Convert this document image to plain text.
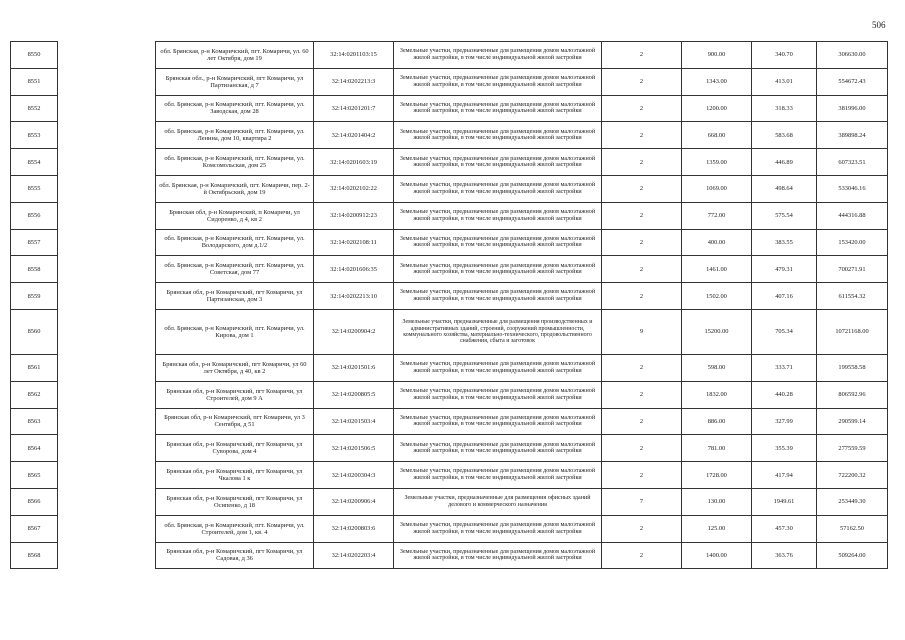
506
8550		обл. Брянская, р-н Комаричский, пгт. Комаричи, ул. 60 лет Октября, дом 19	32:14:0201103:15	Земельные участки, предназначенные для размещения домов малоэтажной жилой застройки, в том числе индивидуальной жилой застройки	2	900.00	340.70	306630.00
8551		Брянская обл., р-н Комаричский, пгт Комаричи, ул Партизанская, д 7	32:14:0202213:3	Земельные участки, предназначенные для размещения домов малоэтажной жилой застройки, в том числе индивидуальной жилой застройки	2	1343.00	413.01	554672.43
8552		обл. Брянская, р-н Комаричский, пгт. Комаричи, ул. Заводская, дом 28	32:14:0201201:7	Земельные участки, предназначенные для размещения домов малоэтажной жилой застройки, в том числе индивидуальной жилой застройки	2	1200.00	318.33	381996.00
8553		обл. Брянская, р-н Комаричский, пгт. Комаричи, ул. Ленина, дом 10, квартира 2	32:14:0201404:2	Земельные участки, предназначенные для размещения домов малоэтажной жилой застройки, в том числе индивидуальной жилой застройки	2	668.00	583.68	389898.24
8554		обл. Брянская, р-н Комаричский, пгт. Комаричи, ул. Комсомольская, дом 25	32:14:0201603:19	Земельные участки, предназначенные для размещения домов малоэтажной жилой застройки, в том числе индивидуальной жилой застройки	2	1359.00	446.89	607323.51
8555		обл. Брянская, р-н Комаричский, пгт. Комаричи, пер. 2-й Октябрьский, дом 19	32:14:0202102:22	Земельные участки, предназначенные для размещения домов малоэтажной жилой застройки, в том числе индивидуальной жилой застройки	2	1069.00	498.64	533046.16
8556		Брянская обл, р-н Комаричский, п Комаричи, ул Сидоренко, д 4, кв 2	32:14:0200912:23	Земельные участки, предназначенные для размещения домов малоэтажной жилой застройки, в том числе индивидуальной жилой застройки	2	772.00	575.54	444316.88
8557		обл. Брянская, р-н Комаричский, пгт. Комаричи, ул. Володарского, дом д.1/2	32:14:0202108:11	Земельные участки, предназначенные для размещения домов малоэтажной жилой застройки, в том числе индивидуальной жилой застройки	2	400.00	383.55	153420.00
8558		обл. Брянская, р-н Комаричский, пгт. Комаричи, ул. Советская, дом 77	32:14:0201606:35	Земельные участки, предназначенные для размещения домов малоэтажной жилой застройки, в том числе индивидуальной жилой застройки	2	1461.00	479.31	700271.91
8559		Брянская обл, р-н Комаричский, пгт Комаричи, ул Партизанская, дом 3	32:14:0202213:10	Земельные участки, предназначенные для размещения домов малоэтажной жилой застройки, в том числе индивидуальной жилой застройки	2	1502.00	407.16	611554.32
8560		обл. Брянская, р-н Комаричский, пгт. Комаричи, ул. Кирова, дом 1	32:14:0200904:2	Земельные участки, предназначенные для размещения производственных и административных зданий, строений, сооружений промышленности, коммунального хозяйства, материально-технического, продовольственного снабжения, сбыта и заготовок	9	15200.00	705.34	10721168.00
8561		Брянская обл, р-н Комаричский, пгт Комаричи, ул 60 лет Октября, д 40, кв 2	32:14:0201501:6	Земельные участки, предназначенные для размещения домов малоэтажной жилой застройки, в том числе индивидуальной жилой застройки	2	598.00	333.71	199558.58
8562		Брянская обл, р-н Комаричский, пгт Комаричи, ул Строителей, дом 9 А	32:14:0200805:5	Земельные участки, предназначенные для размещения домов малоэтажной жилой застройки, в том числе индивидуальной жилой застройки	2	1832.00	440.28	806592.96
8563		Брянская обл, р-н Комаричский, пгт Комаричи, ул 3 Сентября, д 51	32:14:0201503:4	Земельные участки, предназначенные для размещения домов малоэтажной жилой застройки, в том числе индивидуальной жилой застройки	2	886.00	327.99	290599.14
8564		Брянская обл, р-н Комаричский, пгт Комаричи, ул Суворова, дом 4	32:14:0201506:5	Земельные участки, предназначенные для размещения домов малоэтажной жилой застройки, в том числе индивидуальной жилой застройки	2	781.00	355.39	277559.59
8565		Брянская обл, р-н Комаричский, пгт Комаричи, ул Чкалова 1 к	32:14:0200304:3	Земельные участки, предназначенные для размещения домов малоэтажной жилой застройки, в том числе индивидуальной жилой застройки	2	1728.00	417.94	722200.32
8566		Брянская обл, р-н Комаричский, пгт Комаричи, ул Осипенко, д 18	32:14:0200906:4	Земельные участки, предназначенные для размещения офисных зданий делового и коммерческого назначения	7	130.00	1949.61	253449.30
8567		обл. Брянская, р-н Комаричский, пгт. Комаричи, ул. Строителей, дом 1, кв. 4	32:14:0200803:6	Земельные участки, предназначенные для размещения домов малоэтажной жилой застройки, в том числе индивидуальной жилой застройки	2	125.00	457.30	57162.50
8568		Брянская обл, р-н Комаричский, пгт Комаричи, ул Садовая, д 36	32:14:0202203:4	Земельные участки, предназначенные для размещения домов малоэтажной жилой застройки, в том числе индивидуальной жилой застройки	2	1400.00	363.76	509264.00
